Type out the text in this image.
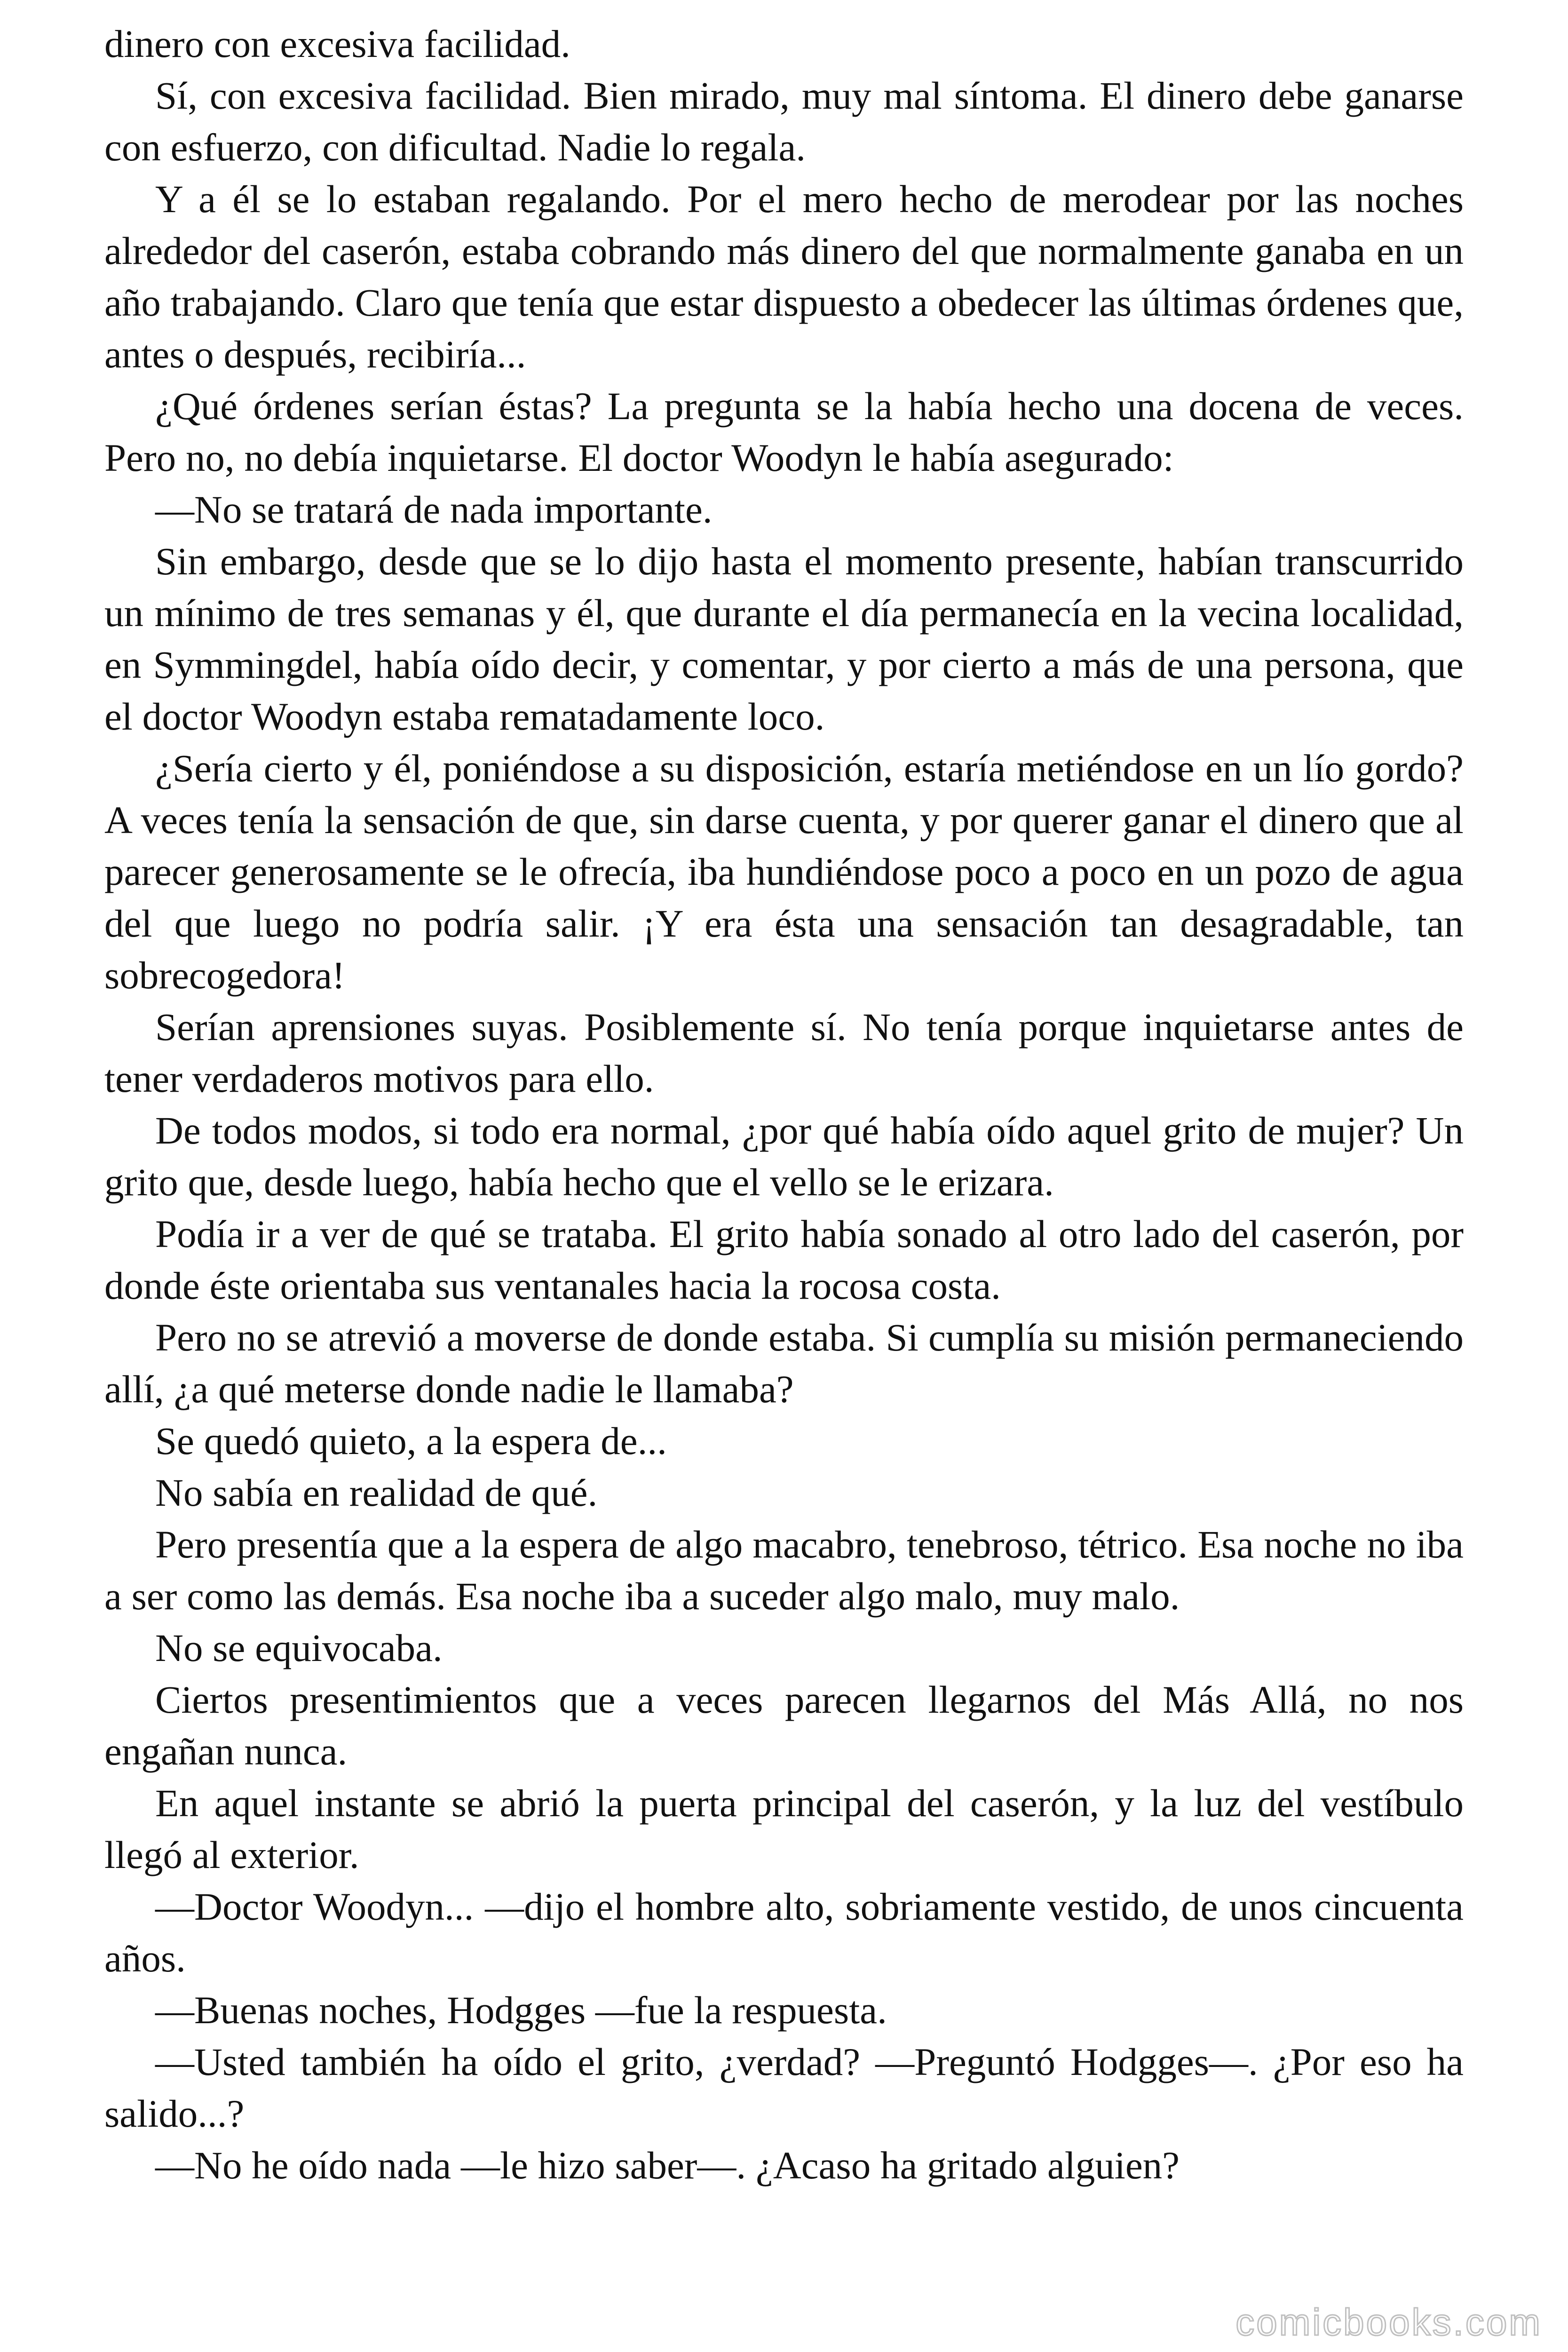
dinero con excesiva facilidad.

Sí, con excesiva facilidad. Bien mirado, muy mal síntoma. El dinero debe ganarse con esfuerzo, con dificultad. Nadie lo regala.

Y a él se lo estaban regalando. Por el mero hecho de merodear por las noches alrededor del caserón, estaba cobrando más dinero del que normalmente ganaba en un año trabajando. Claro que tenía que estar dispuesto a obedecer las últimas órdenes que, antes o después, recibiría...

¿Qué órdenes serían éstas? La pregunta se la había hecho una docena de veces. Pero no, no debía inquietarse. El doctor Woodyn le había asegurado:

—No se tratará de nada importante.

Sin embargo, desde que se lo dijo hasta el momento presente, habían transcurrido un mínimo de tres semanas y él, que durante el día permanecía en la vecina localidad, en Symmingdel, había oído decir, y comentar, y por cierto a más de una persona, que el doctor Woodyn estaba rematadamente loco.

¿Sería cierto y él, poniéndose a su disposición, estaría metiéndose en un lío gordo? A veces tenía la sensación de que, sin darse cuenta, y por querer ganar el dinero que al parecer generosamente se le ofrecía, iba hundiéndose poco a poco en un pozo de agua del que luego no podría salir. ¡Y era ésta una sensación tan desagradable, tan sobrecogedora!

Serían aprensiones suyas. Posiblemente sí. No tenía porque inquietarse antes de tener verdaderos motivos para ello.

De todos modos, si todo era normal, ¿por qué había oído aquel grito de mujer? Un grito que, desde luego, había hecho que el vello se le erizara.

Podía ir a ver de qué se trataba. El grito había sonado al otro lado del caserón, por donde éste orientaba sus ventanales hacia la rocosa costa.

Pero no se atrevió a moverse de donde estaba. Si cumplía su misión permaneciendo allí, ¿a qué meterse donde nadie le llamaba?

Se quedó quieto, a la espera de...

No sabía en realidad de qué.

Pero presentía que a la espera de algo macabro, tenebroso, tétrico. Esa noche no iba a ser como las demás. Esa noche iba a suceder algo malo, muy malo.

No se equivocaba.

Ciertos presentimientos que a veces parecen llegarnos del Más Allá, no nos engañan nunca.

En aquel instante se abrió la puerta principal del caserón, y la luz del vestíbulo llegó al exterior.

—Doctor Woodyn... —dijo el hombre alto, sobriamente vestido, de unos cincuenta años.

—Buenas noches, Hodgges —fue la respuesta.

—Usted también ha oído el grito, ¿verdad? —Preguntó Hodgges—. ¿Por eso ha salido...?

—No he oído nada —le hizo saber—. ¿Acaso ha gritado alguien?

comicbooks.com
